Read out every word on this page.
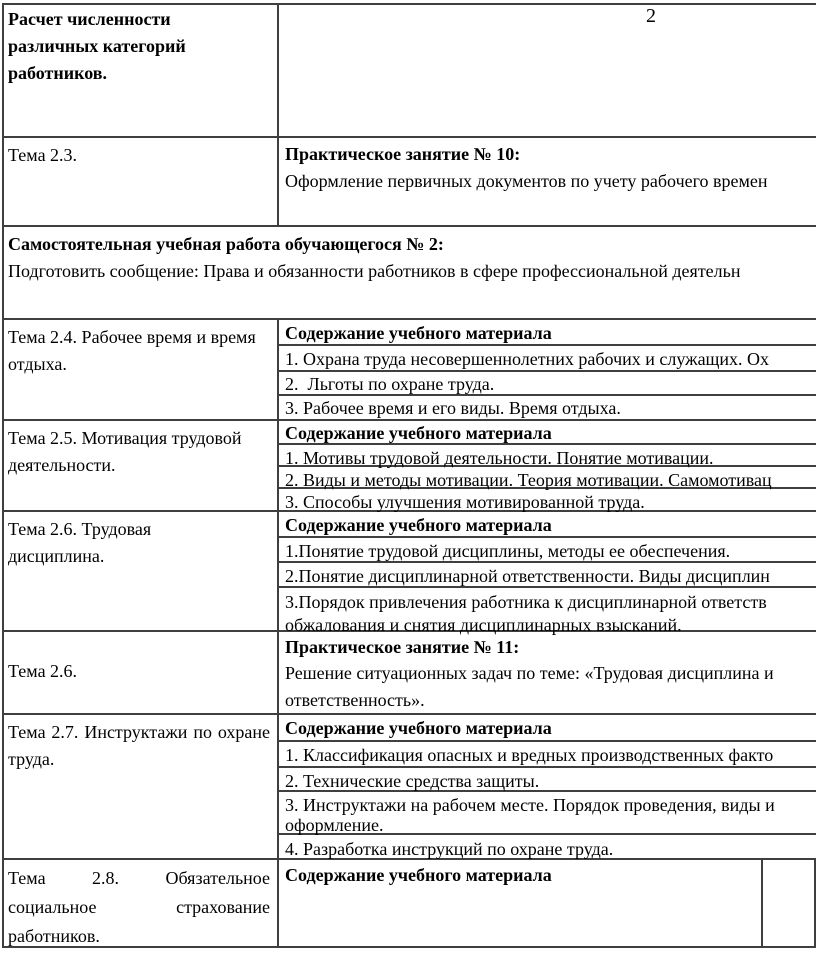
Расчет численности различных категорий работников.
2
Тема 2.3.	Практическое занятие № 10:
Оформление первичных документов по учету рабочего времен
Самостоятельная учебная работа обучающегося № 2:
Подготовить сообщение: Права и обязанности работников в сфере профессиональной деятельн
Тема 2.4. Рабочее время и время отдыха.
Содержание учебного материала
1. Охрана труда несовершеннолетних рабочих и служащих. Ох
2.  Льготы по охране труда.
3. Рабочее время и его виды. Время отдыха.
Тема 2.5. Мотивация трудовой деятельности.
Содержание учебного материала
1. Мотивы трудовой деятельности. Понятие мотивации.
2. Виды и методы мотивации. Теория мотивации. Самомотивац
3. Способы улучшения мотивированной труда.
Тема 2.6. Трудовая дисциплина.
Содержание учебного материала
1.Понятие трудовой дисциплины, методы ее обеспечения.
2.Понятие дисциплинарной ответственности. Виды дисциплин
3.Порядок привлечения работника к дисциплинарной ответств
обжалования и снятия дисциплинарных взысканий.
Тема 2.6.
Практическое занятие № 11:
Решение ситуационных задач по теме: «Трудовая дисциплина и
ответственность».
Тема 2.7. Инструктажи по охране труда.
Содержание учебного материала
1. Классификация опасных и вредных производственных факто
2. Технические средства защиты.
3. Инструктажи на рабочем месте. Порядок проведения, виды и
оформление.
4. Разработка инструкций по охране труда.
Тема 2.8. Обязательное социальное страхование работников.
Содержание учебного материала
